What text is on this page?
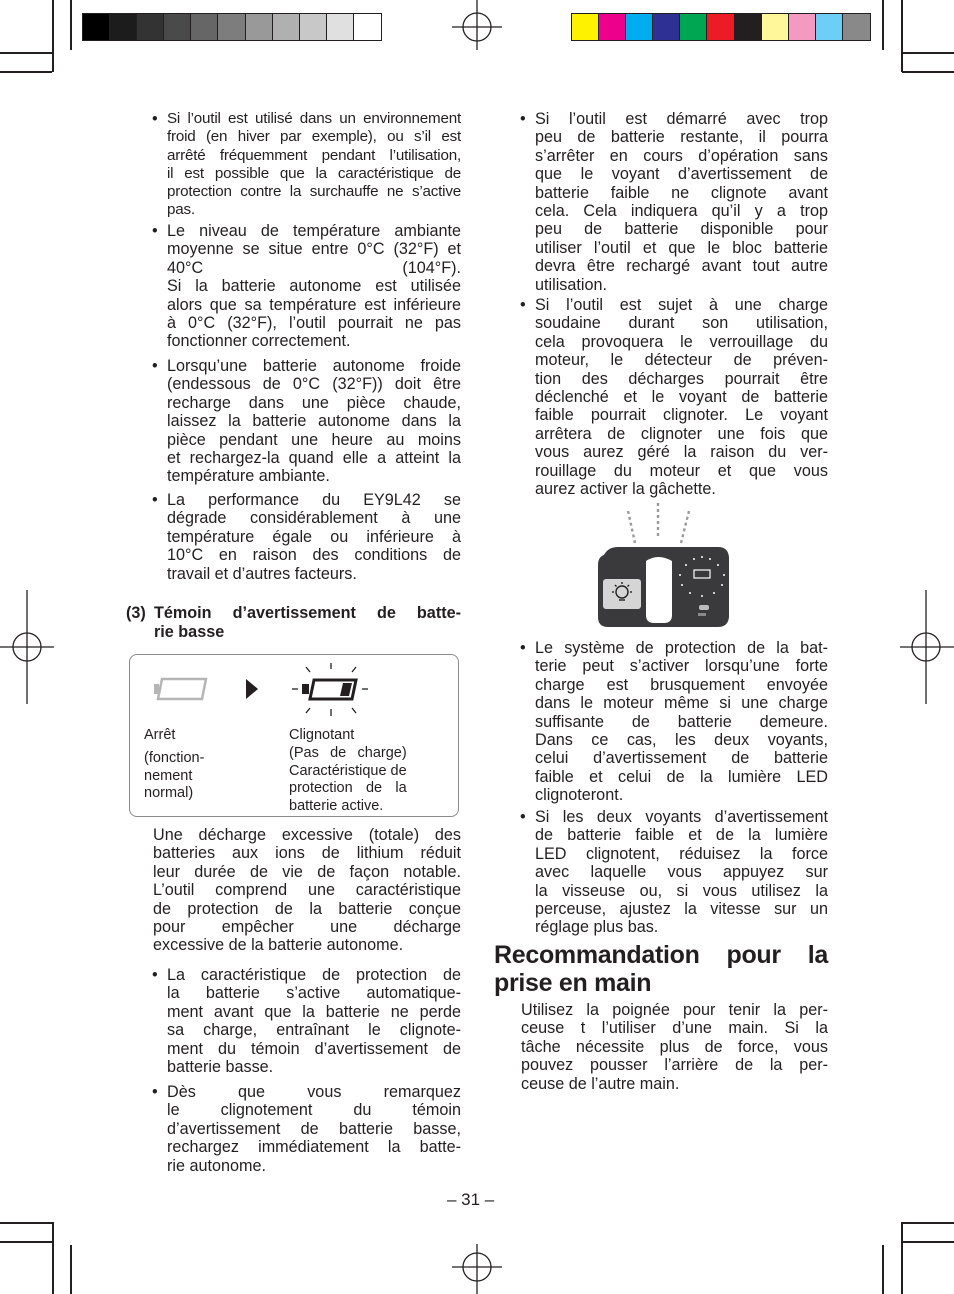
• Si l’outil est utilisé dans un environnement
froid (en hiver par exemple), ou s’il est
arrêté fréquemment pendant l’utilisation,
il est possible que la caractéristique de
protection contre la surchauffe ne s’active
pas.
• Le niveau de température ambiante
moyenne se situe entre 0°C (32°F) et
40°C (104°F).
Si la batterie autonome est utilisée
alors que sa température est inférieure
à 0°C (32°F), l’outil pourrait ne pas
fonctionner correctement.
• Lorsqu’une batterie autonome froide
(endessous de 0°C (32°F)) doit être
recharge dans une pièce chaude,
laissez la batterie autonome dans la
pièce pendant une heure au moins
et rechargez-la quand elle a atteint la
température ambiante.
• La performance du EY9L42 se
dégrade considérablement à une
température égale ou inférieure à
10°C en raison des conditions de
travail et d’autres facteurs.
(3) Témoin d’avertissement de batte-
rie basse
Arrêt
(fonction-
nement
normal)
Clignotant
(Pas de charge)
Caractéristique de
protection de la
batterie active.
Une décharge excessive (totale) des
batteries aux ions de lithium réduit
leur durée de vie de façon notable.
L’outil comprend une caractéristique
de protection de la batterie conçue
pour empêcher une décharge
excessive de la batterie autonome.
• La caractéristique de protection de
la batterie s’active automatique-
ment avant que la batterie ne perde
sa charge, entraînant le clignote-
ment du témoin d’avertissement de
batterie basse.
• Dès que vous remarquez
le clignotement du témoin
d’avertissement de batterie basse,
rechargez immédiatement la batte-
rie autonome.
• Si l’outil est démarré avec trop
peu de batterie restante, il pourra
s’arrêter en cours d’opération sans
que le voyant d’avertissement de
batterie faible ne clignote avant
cela. Cela indiquera qu’il y a trop
peu de batterie disponible pour
utiliser l’outil et que le bloc batterie
devra être rechargé avant tout autre
utilisation.
• Si l’outil est sujet à une charge
soudaine durant son utilisation,
cela provoquera le verrouillage du
moteur, le détecteur de préven-
tion des décharges pourrait être
déclenché et le voyant de batterie
faible pourrait clignoter. Le voyant
arrêtera de clignoter une fois que
vous aurez géré la raison du ver-
rouillage du moteur et que vous
aurez activer la gâchette.
• Le système de protection de la bat-
terie peut s’activer lorsqu’une forte
charge est brusquement envoyée
dans le moteur même si une charge
suffisante de batterie demeure.
Dans ce cas, les deux voyants,
celui d’avertissement de batterie
faible et celui de la lumière LED
clignoteront.
• Si les deux voyants d’avertissement
de batterie faible et de la lumière
LED clignotent, réduisez la force
avec laquelle vous appuyez sur
la visseuse ou, si vous utilisez la
perceuse, ajustez la vitesse sur un
réglage plus bas.
Recommandation pour la
prise en main
Utilisez la poignée pour tenir la per-
ceuse t l’utiliser d’une main. Si la
tâche nécessite plus de force, vous
pouvez pousser l’arrière de la per-
ceuse de l’autre main.
– 31 –
